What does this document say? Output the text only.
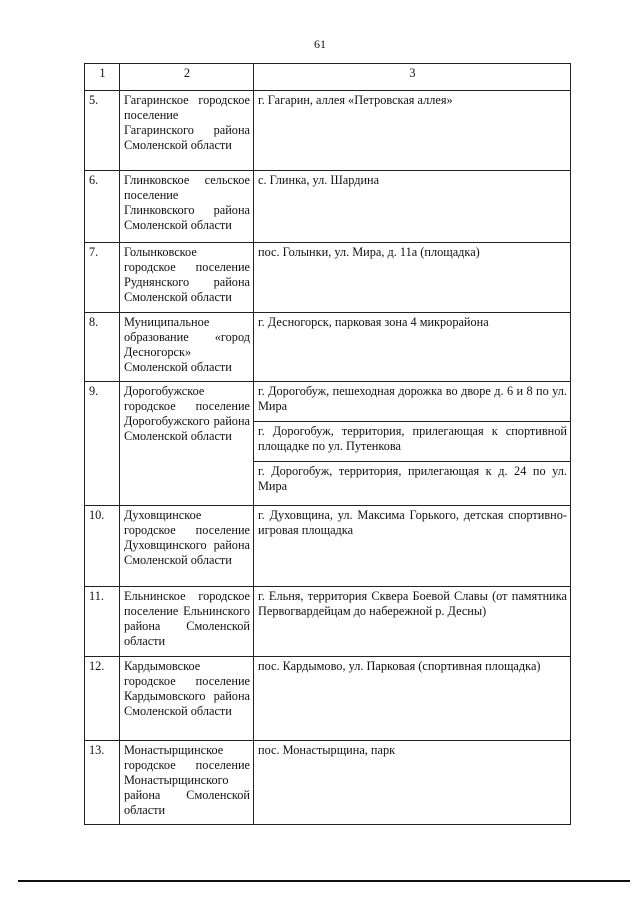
61
1	2	3
5.	Гагаринское городское поселение Гагаринского района Смоленской области	г. Гагарин, аллея «Петровская аллея»
6.	Глинковское сельское поселение Глинковского района Смоленской области	с. Глинка, ул. Шардина
7.	Голынковское городское поселение Руднянского района Смоленской области	пос. Голынки, ул. Мира, д. 11а (площадка)
8.	Муниципальное образование «город Десногорск» Смоленской области	г. Десногорск, парковая зона 4 микрорайона
9.	Дорогобужское городское поселение Дорогобужского района Смоленской области	г. Дорогобуж, пешеходная дорожка во дворе д. 6 и 8 по ул. Мира
		г. Дорогобуж, территория, прилегающая к спортивной площадке по ул. Путенкова
		г. Дорогобуж, территория, прилегающая к д. 24 по ул. Мира
10.	Духовщинское городское поселение Духовщинского района Смоленской области	г. Духовщина, ул. Максима Горького, детская спортивно-игровая площадка
11.	Ельнинское городское поселение Ельнинского района Смоленской области	г. Ельня, территория Сквера Боевой Славы (от памятника Первогвардейцам до набережной р. Десны)
12.	Кардымовское городское поселение Кардымовского района Смоленской области	пос. Кардымово, ул. Парковая (спортивная площадка)
13.	Монастырщинское городское поселение Монастырщинского района Смоленской области	пос. Монастырщина, парк
